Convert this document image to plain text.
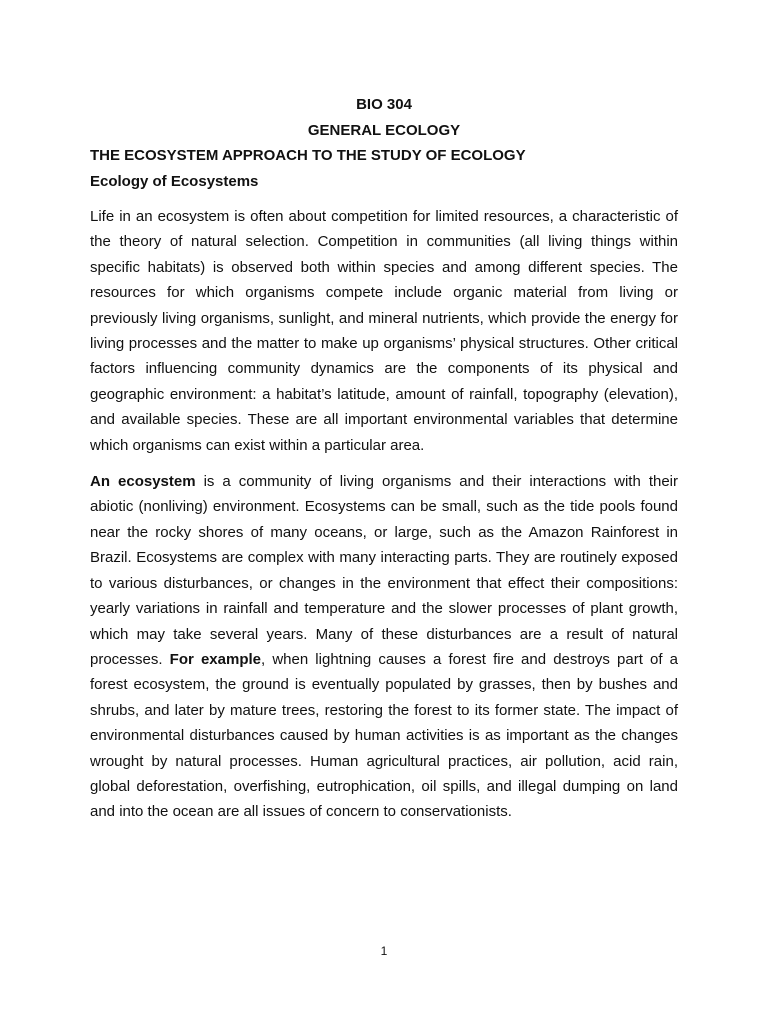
BIO 304

GENERAL ECOLOGY

THE ECOSYSTEM APPROACH TO THE STUDY OF ECOLOGY

Ecology of Ecosystems

Life in an ecosystem is often about competition for limited resources, a characteristic of the theory of natural selection. Competition in communities (all living things within specific habitats) is observed both within species and among different species. The resources for which organisms compete include organic material from living or previously living organisms, sunlight, and mineral nutrients, which provide the energy for living processes and the matter to make up organisms’ physical structures. Other critical factors influencing community dynamics are the components of its physical and geographic environment: a habitat’s latitude, amount of rainfall, topography (elevation), and available species. These are all important environmental variables that determine which organisms can exist within a particular area.

An ecosystem is a community of living organisms and their interactions with their abiotic (nonliving) environment. Ecosystems can be small, such as the tide pools found near the rocky shores of many oceans, or large, such as the Amazon Rainforest in Brazil. Ecosystems are complex with many interacting parts. They are routinely exposed to various disturbances, or changes in the environment that effect their compositions: yearly variations in rainfall and temperature and the slower processes of plant growth, which may take several years. Many of these disturbances are a result of natural processes. For example, when lightning causes a forest fire and destroys part of a forest ecosystem, the ground is eventually populated by grasses, then by bushes and shrubs, and later by mature trees, restoring the forest to its former state. The impact of environmental disturbances caused by human activities is as important as the changes wrought by natural processes. Human agricultural practices, air pollution, acid rain, global deforestation, overfishing, eutrophication, oil spills, and illegal dumping on land and into the ocean are all issues of concern to conservationists.

1
